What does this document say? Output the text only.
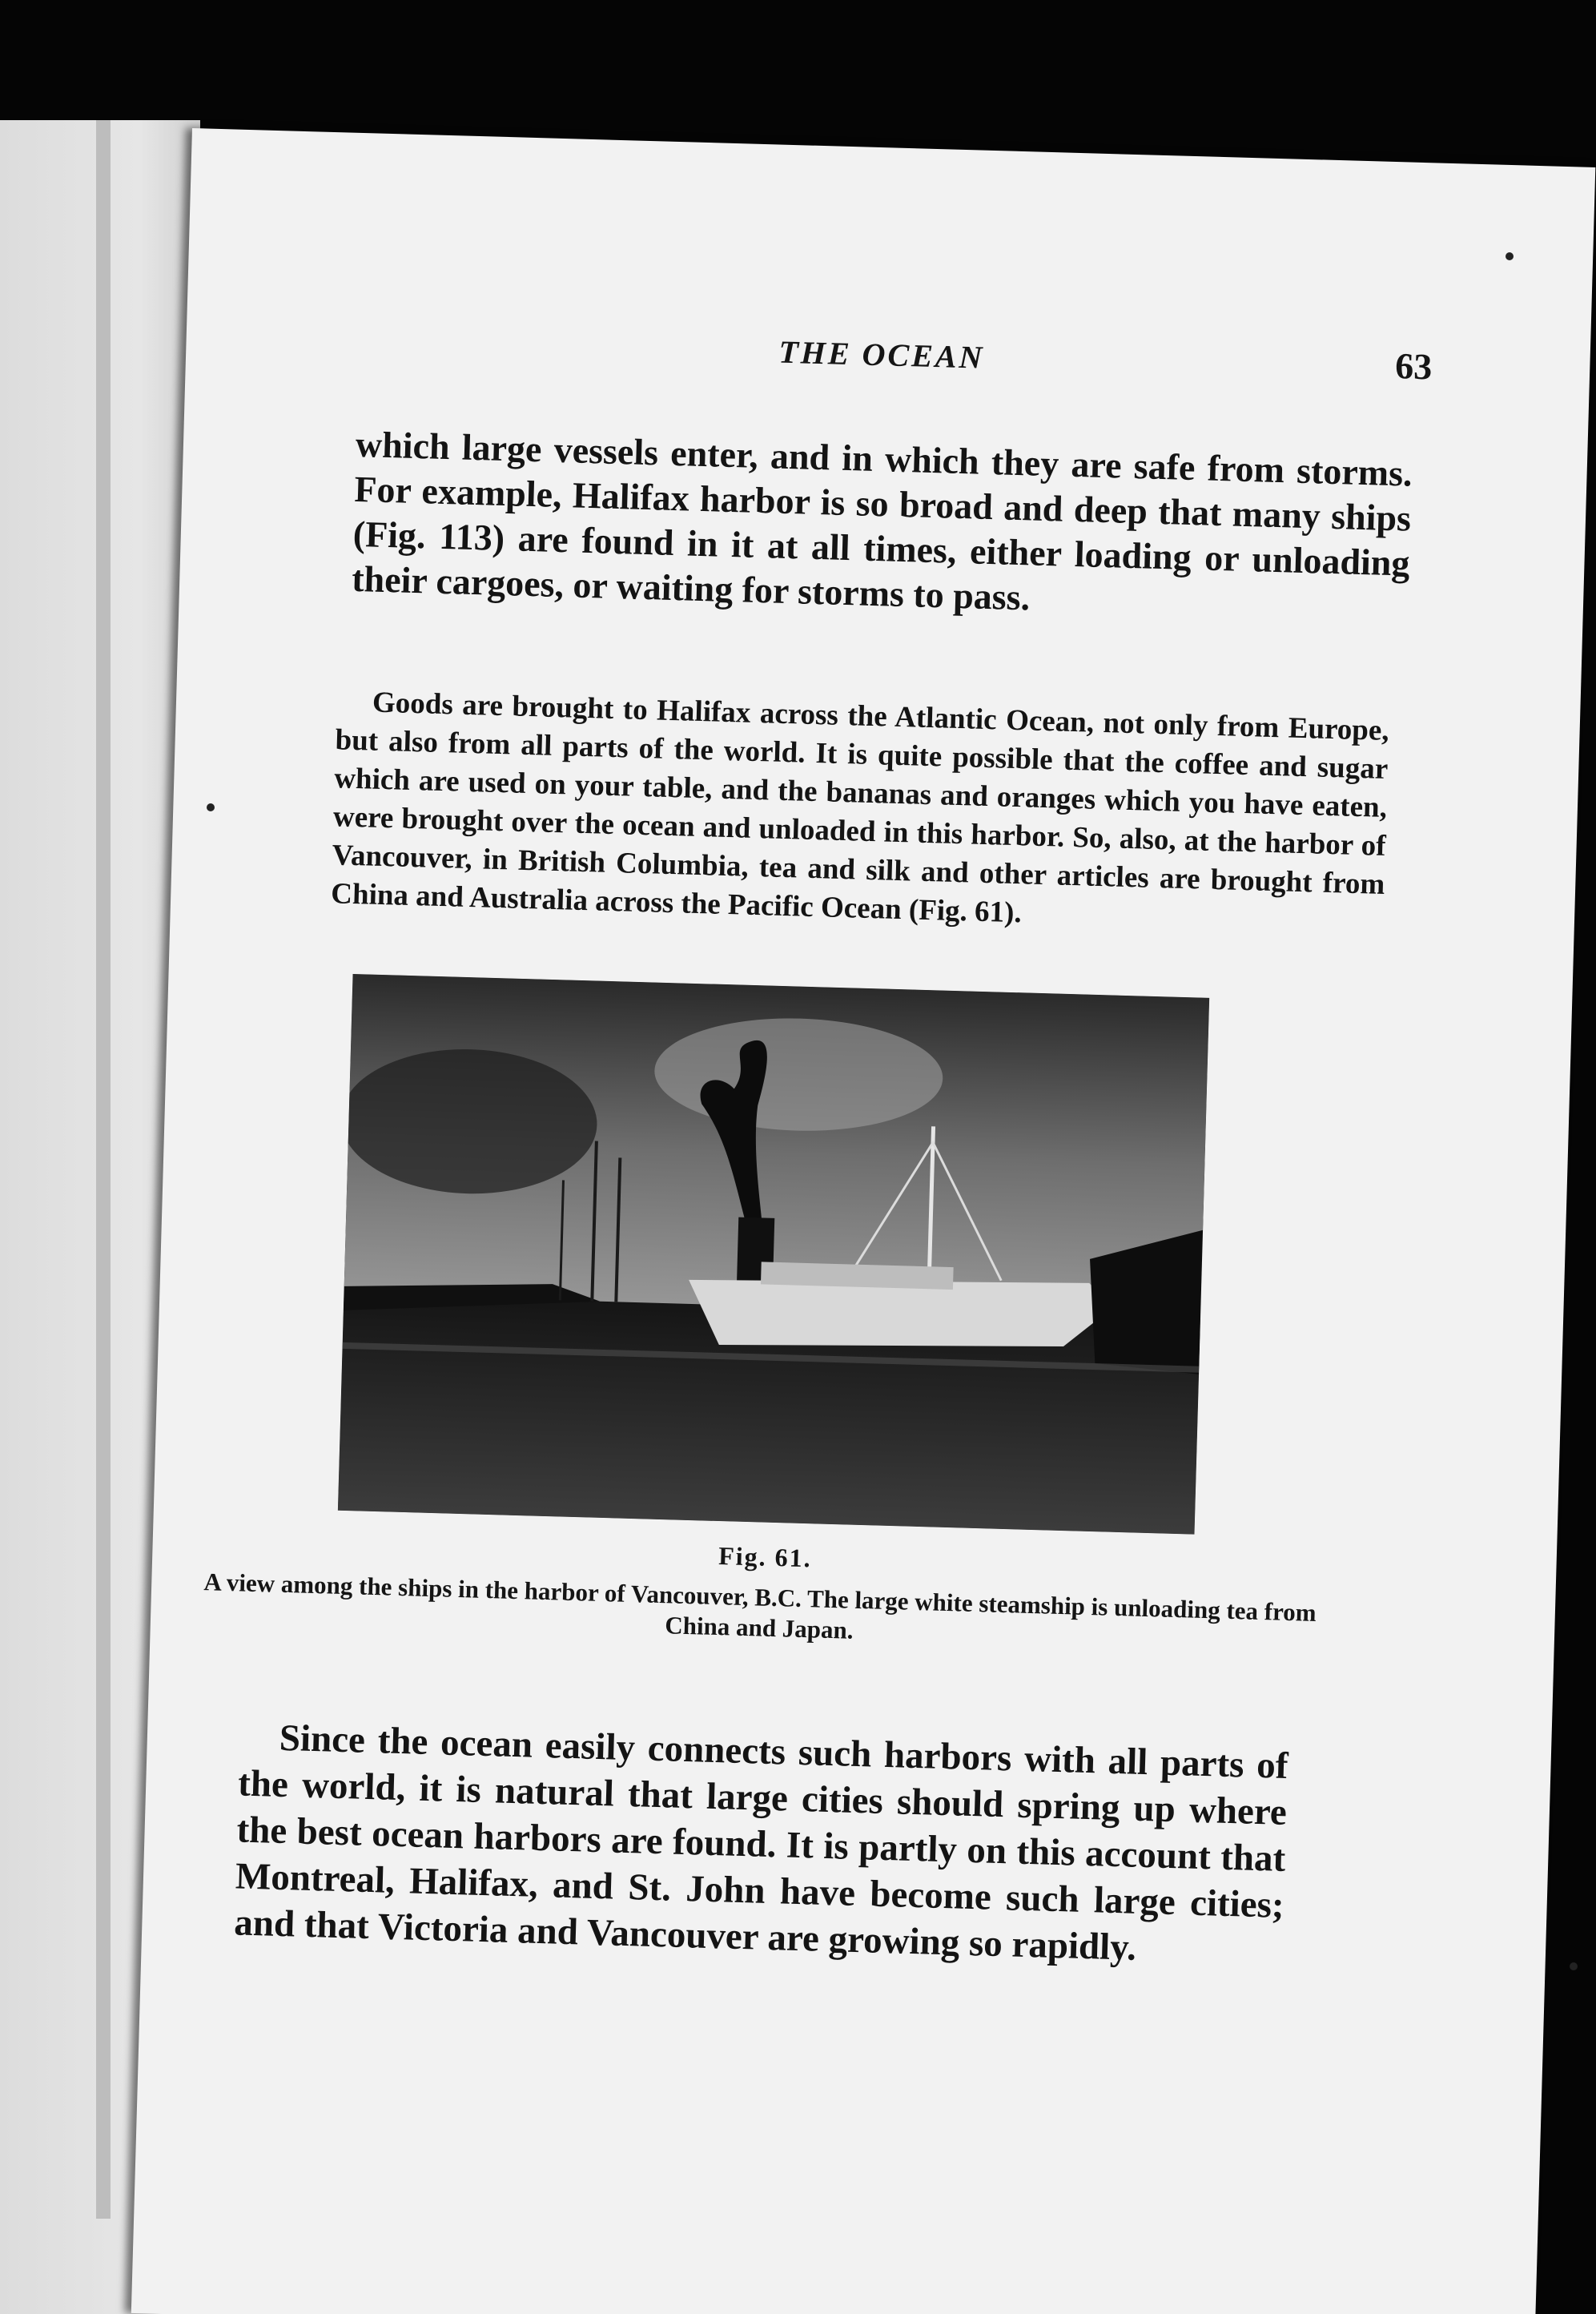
THE OCEAN	63

which large vessels enter, and in which they are safe from storms. For example, Halifax harbor is so broad and deep that many ships (Fig. 113) are found in it at all times, either loading or unloading their cargoes, or waiting for storms to pass.

Goods are brought to Halifax across the Atlantic Ocean, not only from Europe, but also from all parts of the world. It is quite possible that the coffee and sugar which are used on your table, and the bananas and oranges which you have eaten, were brought over the ocean and unloaded in this harbor. So, also, at the harbor of Vancouver, in British Columbia, tea and silk and other articles are brought from China and Australia across the Pacific Ocean (Fig. 61).

Fig. 61.
A view among the ships in the harbor of Vancouver, B.C. The large white steamship is unloading tea from China and Japan.

Since the ocean easily connects such harbors with all parts of the world, it is natural that large cities should spring up where the best ocean harbors are found. It is partly on this account that Montreal, Halifax, and St. John have become such large cities; and that Victoria and Vancouver are growing so rapidly.
